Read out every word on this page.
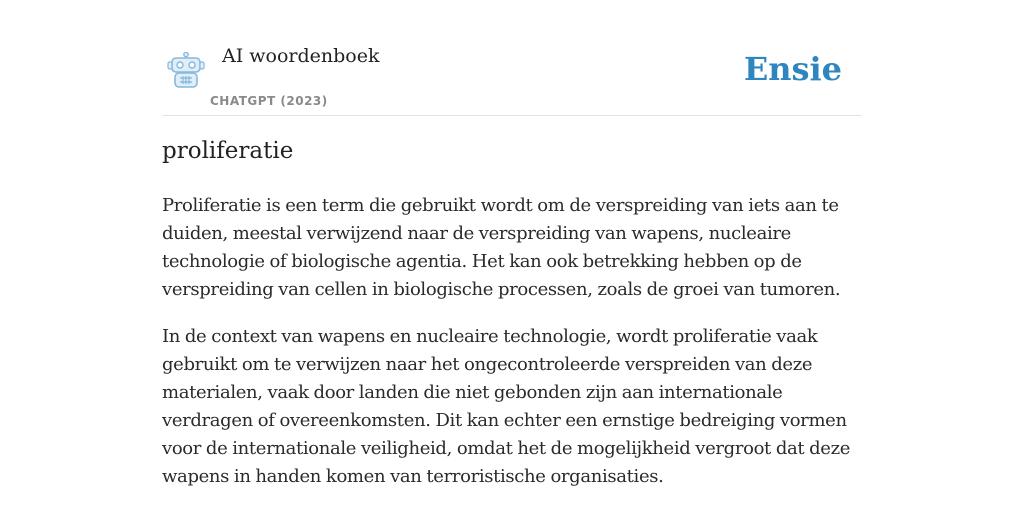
AI woordenboek
CHATGPT (2023)
Ensie
proliferatie

Proliferatie is een term die gebruikt wordt om de verspreiding van iets aan te duiden, meestal verwijzend naar de verspreiding van wapens, nucleaire technologie of biologische agentia. Het kan ook betrekking hebben op de verspreiding van cellen in biologische processen, zoals de groei van tumoren.

In de context van wapens en nucleaire technologie, wordt proliferatie vaak gebruikt om te verwijzen naar het ongecontroleerde verspreiden van deze materialen, vaak door landen die niet gebonden zijn aan internationale verdragen of overeenkomsten. Dit kan echter een ernstige bedreiging vormen voor de internationale veiligheid, omdat het de mogelijkheid vergroot dat deze wapens in handen komen van terroristische organisaties.
